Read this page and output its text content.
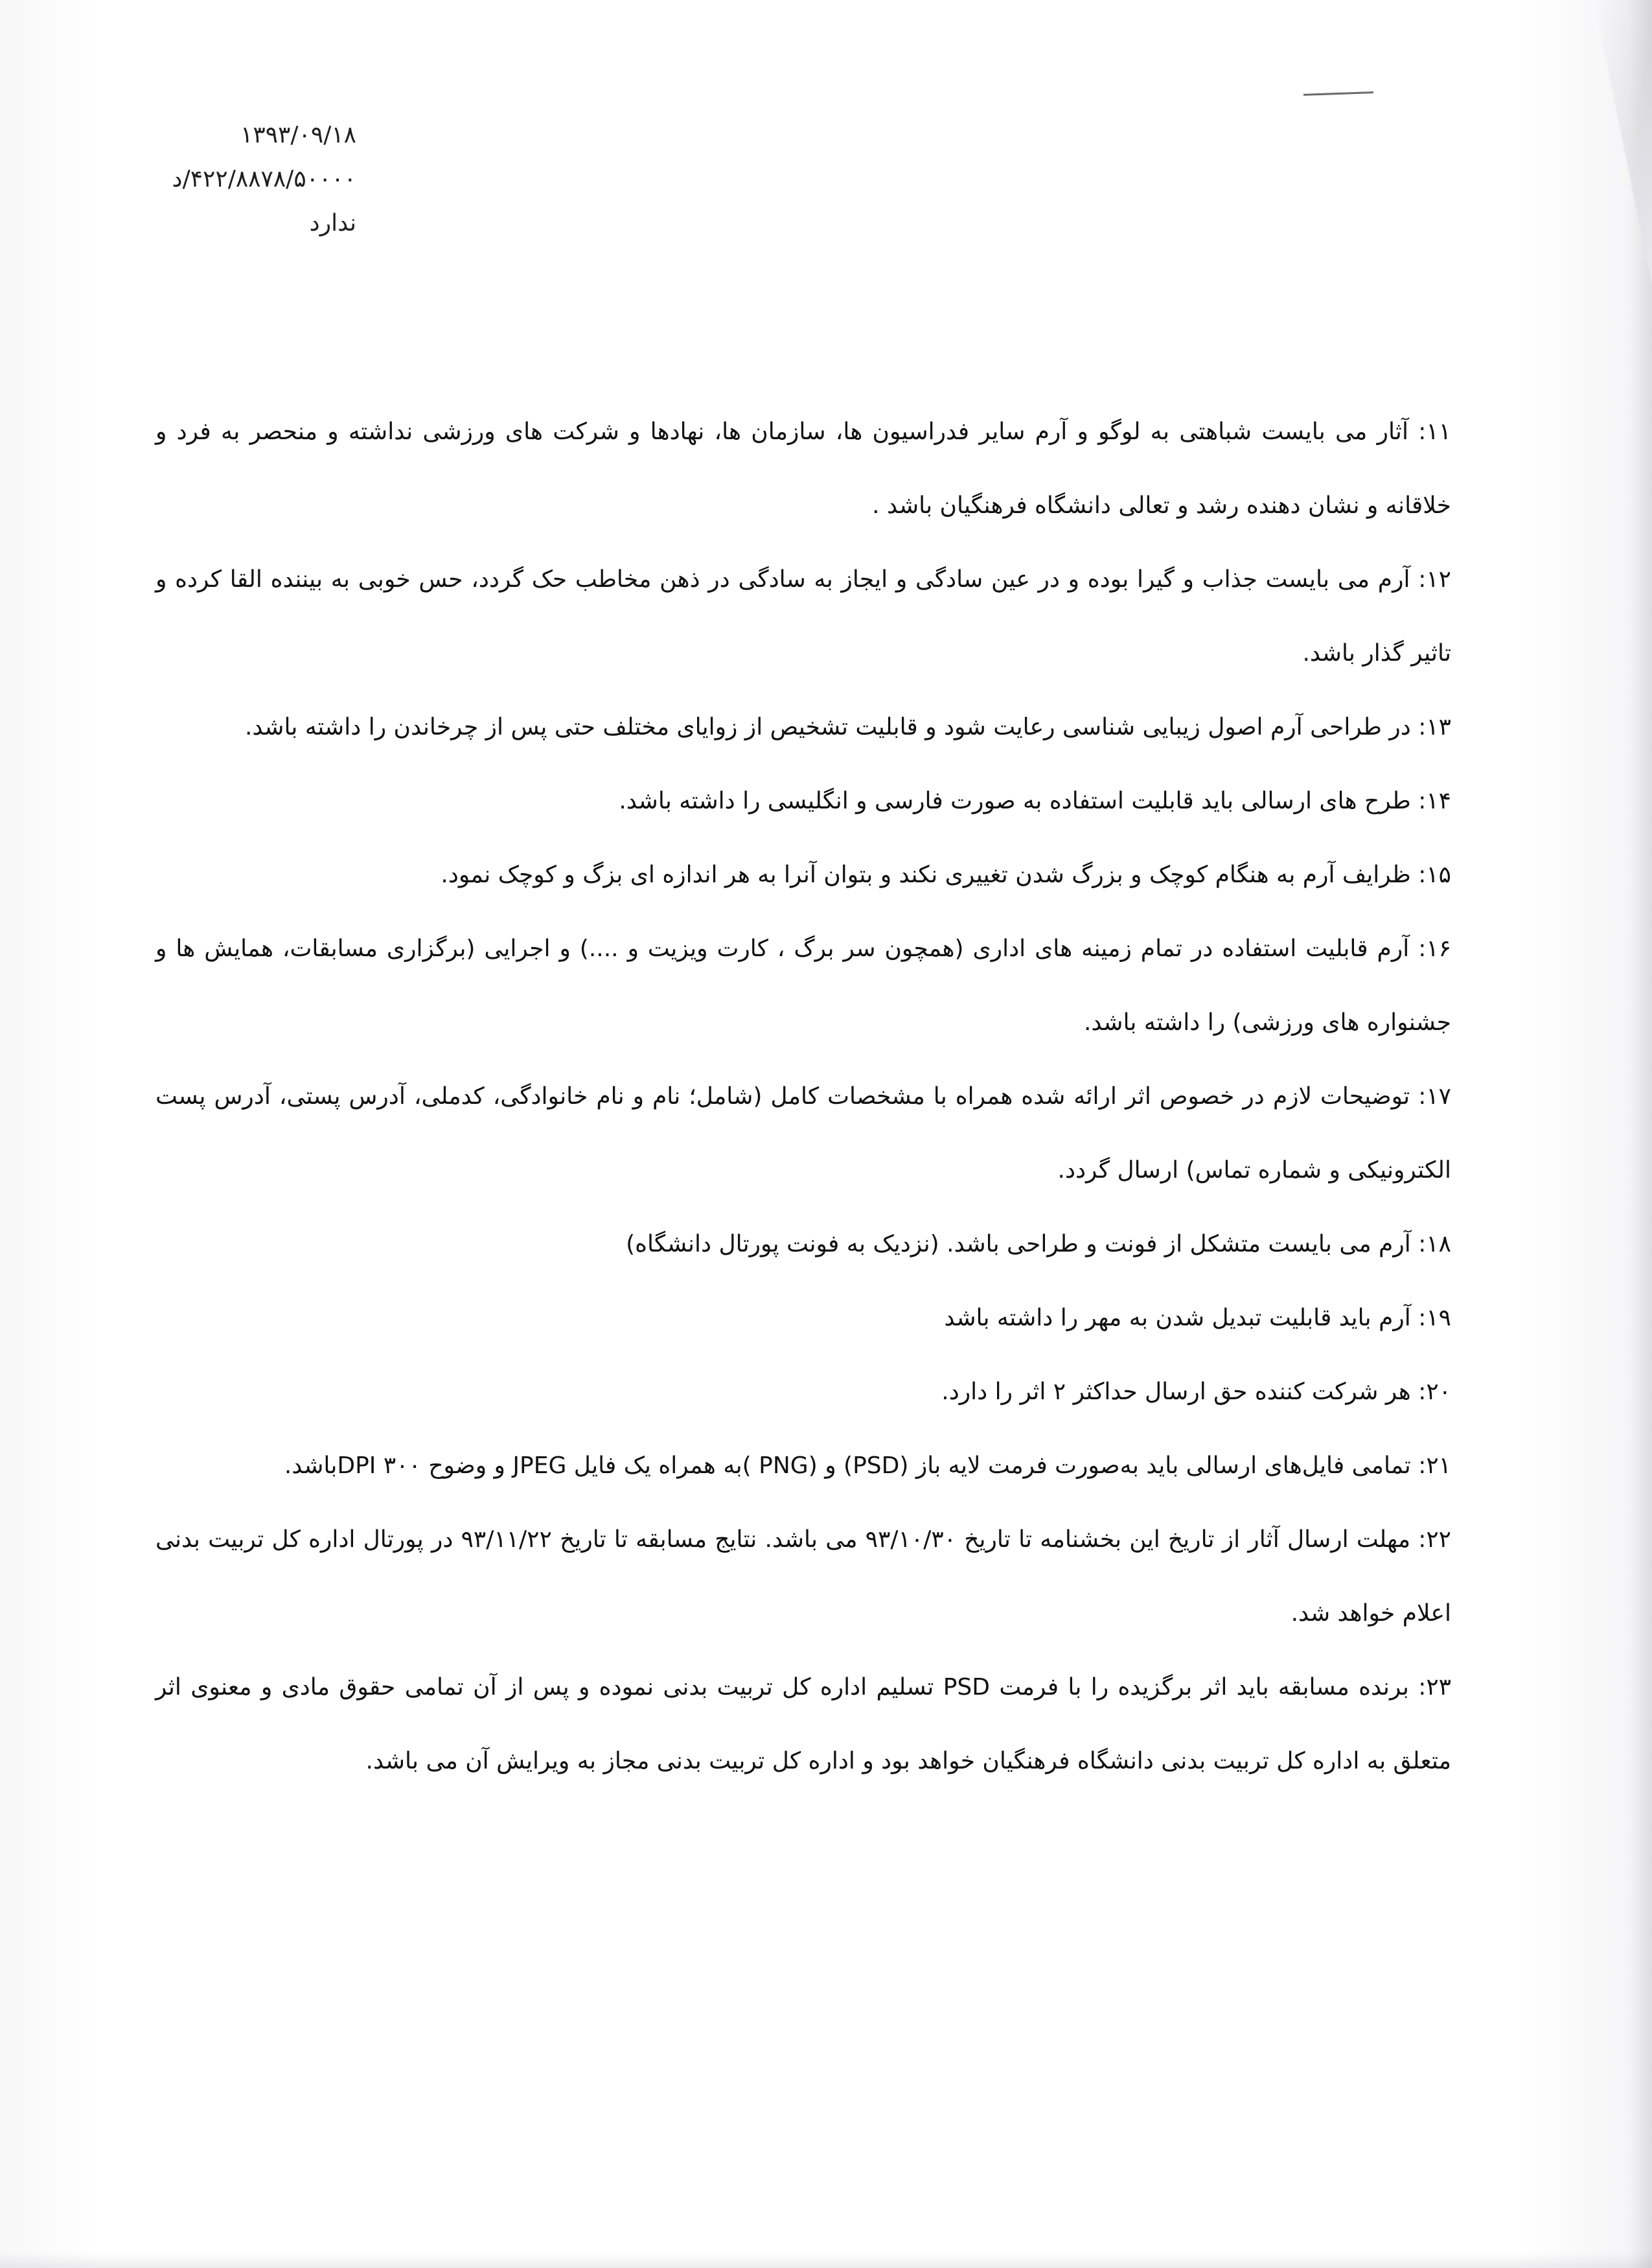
۱۳۹۳/۰۹/۱۸
۴۲۲/۸۸۷۸/۵۰۰۰۰/د
ندارد

۱۱: آثار می بایست شباهتی به لوگو و آرم سایر فدراسیون ها، سازمان ها، نهادها و شرکت های ورزشی نداشته و منحصر به فرد و خلاقانه و نشان دهنده رشد و تعالی دانشگاه فرهنگیان باشد .

۱۲: آرم می بایست جذاب و گیرا بوده و در عین سادگی و ایجاز به سادگی در ذهن مخاطب حک گردد، حس خوبی به بیننده القا کرده و تاثیر گذار باشد.

۱۳: در طراحی آرم اصول زیبایی شناسی رعایت شود و قابلیت تشخیص از زوایای مختلف حتی پس از چرخاندن را داشته باشد.

۱۴: طرح های ارسالی باید قابلیت استفاده به صورت فارسی و انگلیسی را داشته باشد.

۱۵: ظرایف آرم به هنگام کوچک و بزرگ شدن تغییری نکند و بتوان آنرا به هر اندازه ای بزگ و کوچک نمود.

۱۶: آرم قابلیت استفاده در تمام زمینه های اداری (همچون سر برگ ، کارت ویزیت و ....) و اجرایی (برگزاری مسابقات، همایش ها و جشنواره های ورزشی) را داشته باشد.

۱۷: توضیحات لازم در خصوص اثر ارائه شده همراه با مشخصات کامل (شامل؛ نام و نام خانوادگی، کدملی، آدرس پستی، آدرس پست الکترونیکی و شماره تماس) ارسال گردد.

۱۸: آرم می بایست متشکل از فونت و طراحی باشد. (نزدیک به فونت پورتال دانشگاه)

۱۹: آرم باید قابلیت تبدیل شدن به مهر را داشته باشد

۲۰: هر شرکت کننده حق ارسال حداکثر ۲ اثر را دارد.

۲۱: تمامی فایل‌های ارسالی باید به‌صورت فرمت لایه باز (PSD) و (PNG )به همراه یک فایل JPEG و وضوح ۳۰۰ DPIباشد.

۲۲: مهلت ارسال آثار از تاریخ این بخشنامه تا تاریخ ۹۳/۱۰/۳۰ می باشد. نتایج مسابقه تا تاریخ ۹۳/۱۱/۲۲ در پورتال اداره کل تربیت بدنی اعلام خواهد شد.

۲۳: برنده مسابقه باید اثر برگزیده را با فرمت PSD تسلیم اداره کل تربیت بدنی نموده و پس از آن تمامی حقوق مادی و معنوی اثر متعلق به اداره کل تربیت بدنی دانشگاه فرهنگیان خواهد بود و اداره کل تربیت بدنی مجاز به ویرایش آن می باشد.
